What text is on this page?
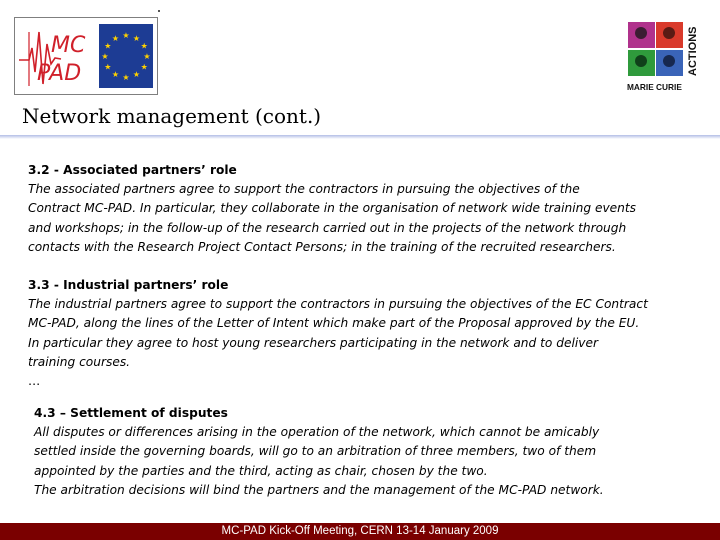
MC
PAD
★ ★
★
★
★
★
★
★
★
★
★
★	ACTIONS
MARIE CURIE
Network management (cont.)
3.2 - Associated partners’ role
The associated partners agree to support the contractors in pursuing the objectives of the
Contract MC-PAD. In particular, they collaborate in the organisation of network wide training events
and workshops; in the follow-up of the research carried out in the projects of the network through
contacts with the Research Project Contact Persons; in the training of the recruited researchers.
3.3 - Industrial partners’ role
The industrial partners agree to support the contractors in pursuing the objectives of the EC Contract
MC-PAD, along the lines of the Letter of Intent which make part of the Proposal approved by the EU.
In particular they agree to host young researchers participating in the network and to deliver
training courses.
…
4.3 – Settlement of disputes
All disputes or differences arising in the operation of the network, which cannot be amicably
settled inside the governing boards, will go to an arbitration of three members, two of them
appointed by the parties and the third, acting as chair, chosen by the two.
The arbitration decisions will bind the partners and the management of the MC-PAD network.
MC-PAD Kick-Off Meeting, CERN 13-14 January 2009
